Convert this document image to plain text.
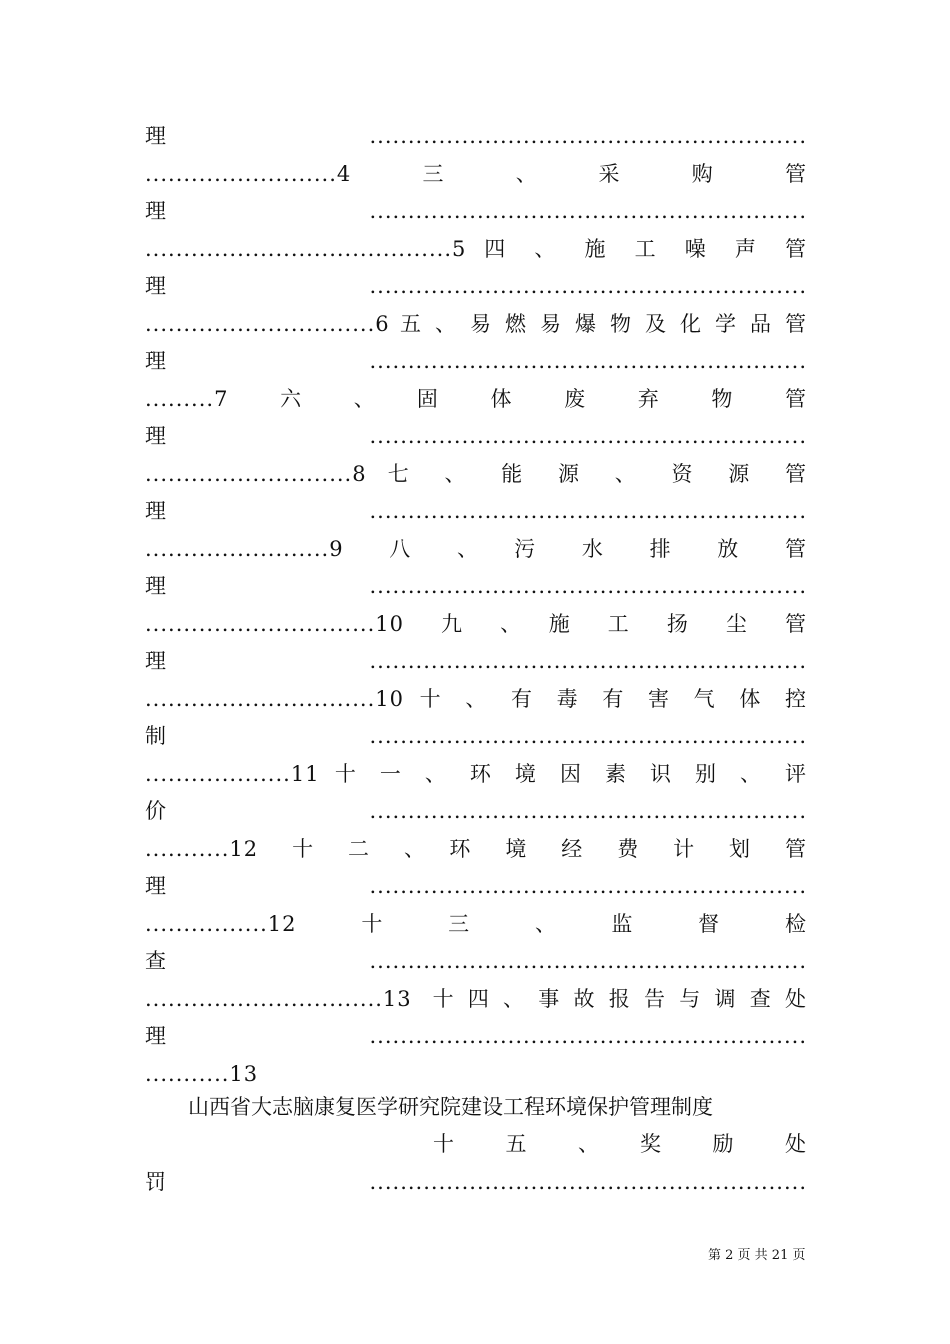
理.........................................................
.........................4　三　、　采　购　管
理.........................................................
........................................5 四 、 施 工 噪 声 管
理.........................................................
..............................6 五 、 易 燃 易 爆 物 及 化 学 品 管
理.........................................................
.........7　六　、　固　体　废　弃　物　管
理.........................................................
...........................8 七 、 能 源 、 资 源 管
理.........................................................
........................9　八　、　污　水　排　放　管
理.........................................................
..............................10　九　、　施　工　扬　尘　管
理.........................................................
..............................10 十 、 有 毒 有 害 气 体 控
制.........................................................
...................11 十 一 、 环 境 因 素 识 别 、 评
价.........................................................
...........12　十　二　、　环　境　经　费　计　划　管
理.........................................................
................12　十　三　、　监　督　检
查.........................................................
...............................13 十四、事故报告与调查处
理.........................................................
...........13
山西省大志脑康复医学研究院建设工程环境保护管理制度
十　五　、　奖　励　处
罚.........................................................
第 2 页 共 21 页
